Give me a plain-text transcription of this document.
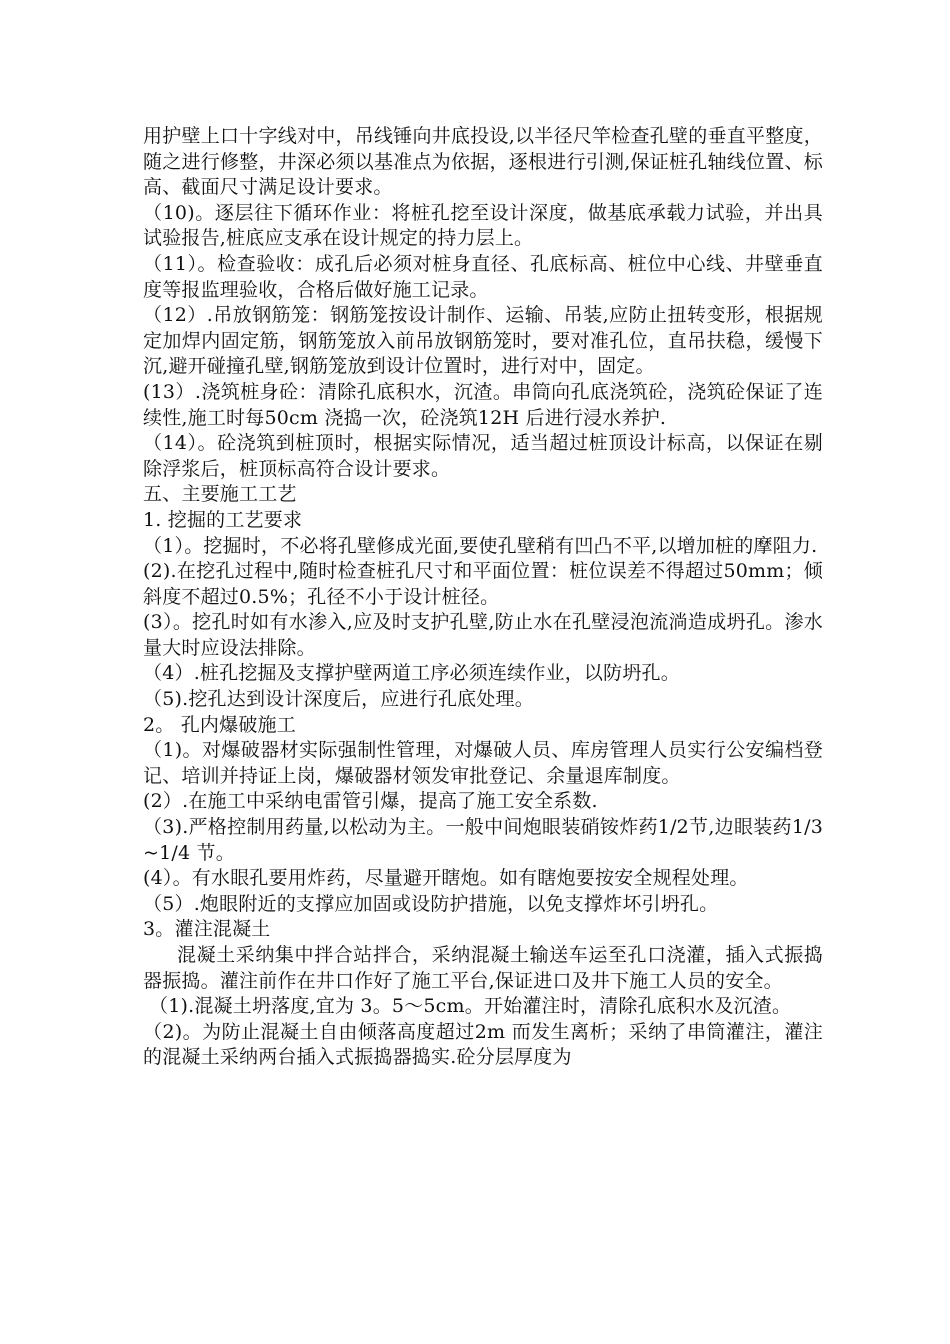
用护壁上口十字线对中，吊线锤向井底投设,以半径尺竿检查孔壁的垂直平整度，随之进行修整，井深必须以基准点为依据，逐根进行引测,保证桩孔轴线位置、标高、截面尺寸满足设计要求。

（10)。逐层往下循环作业：将桩孔挖至设计深度，做基底承载力试验，并出具试验报告,桩底应支承在设计规定的持力层上。

（11）。检查验收：成孔后必须对桩身直径、孔底标高、桩位中心线、井壁垂直度等报监理验收，合格后做好施工记录。

（12）.吊放钢筋笼：钢筋笼按设计制作、运输、吊装,应防止扭转变形，根据规定加焊内固定筋，钢筋笼放入前吊放钢筋笼时，要对准孔位，直吊扶稳，缓慢下沉,避开碰撞孔壁,钢筋笼放到设计位置时，进行对中，固定。

(13）.浇筑桩身砼：清除孔底积水，沉渣。串筒向孔底浇筑砼，浇筑砼保证了连续性,施工时每50cm 浇捣一次，砼浇筑12H 后进行浸水养护.

（14）。砼浇筑到桩顶时，根据实际情况，适当超过桩顶设计标高，以保证在剔除浮浆后，桩顶标高符合设计要求。

五、主要施工工艺

1. 挖掘的工艺要求

（1）。挖掘时，不必将孔壁修成光面,要使孔壁稍有凹凸不平,以增加桩的摩阻力.

(2).在挖孔过程中,随时检查桩孔尺寸和平面位置：桩位误差不得超过50mm；倾斜度不超过0.5%；孔径不小于设计桩径。

(3）。挖孔时如有水渗入,应及时支护孔壁,防止水在孔壁浸泡流淌造成坍孔。渗水量大时应设法排除。

（4）.桩孔挖掘及支撑护壁两道工序必须连续作业，以防坍孔。

（5).挖孔达到设计深度后，应进行孔底处理。

2。 孔内爆破施工

（1)。对爆破器材实际强制性管理，对爆破人员、库房管理人员实行公安编档登记、培训并持证上岗，爆破器材领发审批登记、余量退库制度。

(2）.在施工中采纳电雷管引爆，提高了施工安全系数.

（3).严格控制用药量,以松动为主。一般中间炮眼装硝铵炸药1/2节,边眼装药1/3~1/4 节。

(4）。有水眼孔要用炸药，尽量避开瞎炮。如有瞎炮要按安全规程处理。

（5）.炮眼附近的支撑应加固或设防护措施，以免支撑炸坏引坍孔。

3。灌注混凝土

混凝土采纳集中拌合站拌合，采纳混凝土输送车运至孔口浇灌，插入式振捣器振捣。灌注前作在井口作好了施工平台,保证进口及井下施工人员的安全。

（1).混凝土坍落度,宜为 3。5～5cm。开始灌注时，清除孔底积水及沉渣。

（2)。为防止混凝土自由倾落高度超过2m 而发生离析；采纳了串筒灌注，灌注的混凝土采纳两台插入式振捣器捣实.砼分层厚度为
